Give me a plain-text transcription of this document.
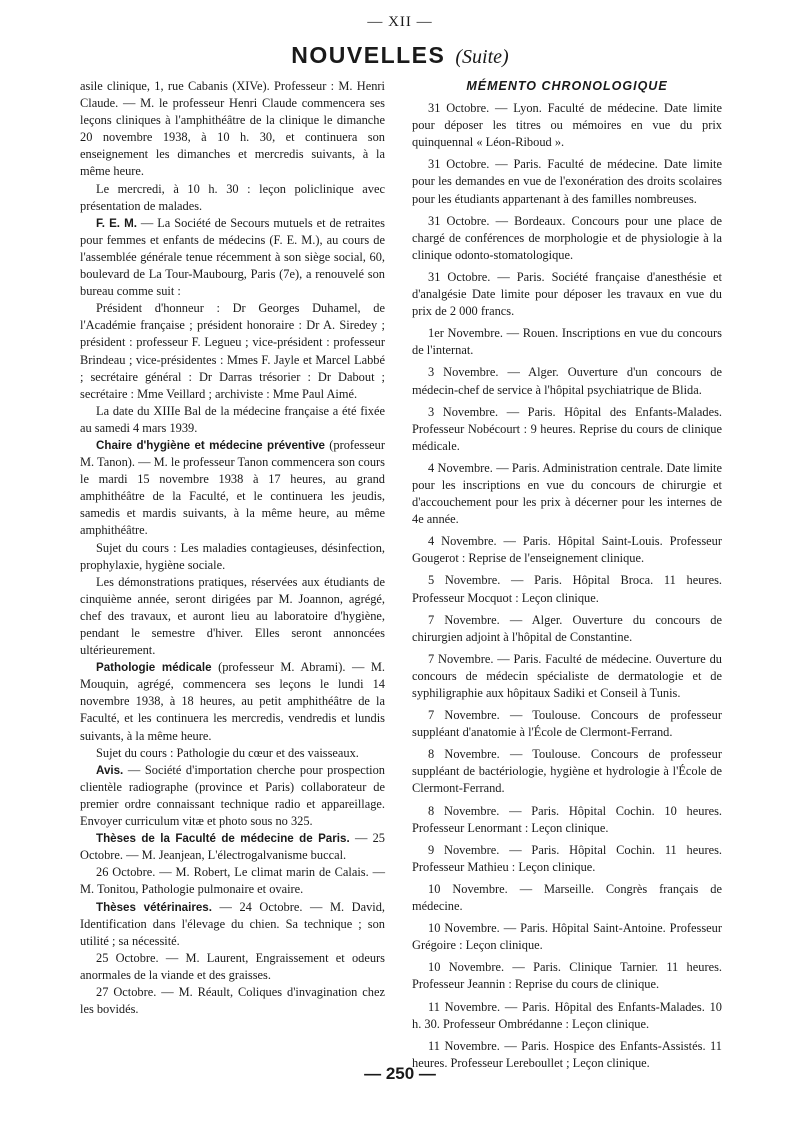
— XII —
NOUVELLES (Suite)

asile clinique, 1, rue Cabanis (XIVe). Professeur : M. Henri Claude. — M. le professeur Henri Claude commencera ses leçons cliniques à l'amphithéâtre de la clinique le dimanche 20 novembre 1938, à 10 h. 30, et continuera son enseignement les dimanches et mercredis suivants, à la même heure.

Le mercredi, à 10 h. 30 : leçon policlinique avec présentation de malades.

F. E. M. — La Société de Secours mutuels et de retraites pour femmes et enfants de médecins (F. E. M.), au cours de l'assemblée générale tenue récemment à son siège social, 60, boulevard de La Tour-Maubourg, Paris (7e), a renouvelé son bureau comme suit :

Président d'honneur : Dr Georges Duhamel, de l'Académie française ; président honoraire : Dr A. Siredey ; président : professeur F. Legueu ; vice-président : professeur Brindeau ; vice-présidentes : Mmes F. Jayle et Marcel Labbé ; secrétaire général : Dr Darras trésorier : Dr Dabout ; secrétaire : Mme Veillard ; archiviste : Mme Paul Aimé.

La date du XIIIe Bal de la médecine française a été fixée au samedi 4 mars 1939.

Chaire d'hygiène et médecine préventive (professeur M. Tanon). — M. le professeur Tanon commencera son cours le mardi 15 novembre 1938 à 17 heures, au grand amphithéâtre de la Faculté, et le continuera les jeudis, samedis et mardis suivants, à la même heure, au même amphithéâtre.

Sujet du cours : Les maladies contagieuses, désinfection, prophylaxie, hygiène sociale.

Les démonstrations pratiques, réservées aux étudiants de cinquième année, seront dirigées par M. Joannon, agrégé, chef des travaux, et auront lieu au laboratoire d'hygiène, pendant le semestre d'hiver. Elles seront annoncées ultérieurement.

Pathologie médicale (professeur M. Abrami). — M. Mouquin, agrégé, commencera ses leçons le lundi 14 novembre 1938, à 18 heures, au petit amphithéâtre de la Faculté, et les continuera les mercredis, vendredis et lundis suivants, à la même heure.

Sujet du cours : Pathologie du cœur et des vaisseaux.

Avis. — Société d'importation cherche pour prospection clientèle radiographe (province et Paris) collaborateur de premier ordre connaissant technique radio et appareillage. Envoyer curriculum vitæ et photo sous no 325.

Thèses de la Faculté de médecine de Paris. — 25 Octobre. — M. Jeanjean, L'électrogalvanisme buccal.

26 Octobre. — M. Robert, Le climat marin de Calais. — M. Tonitou, Pathologie pulmonaire et ovaire.

Thèses vétérinaires. — 24 Octobre. — M. David, Identification dans l'élevage du chien. Sa technique ; son utilité ; sa nécessité.

25 Octobre. — M. Laurent, Engraissement et odeurs anormales de la viande et des graisses.

27 Octobre. — M. Réault, Coliques d'invagination chez les bovidés.

MÉMENTO CHRONOLOGIQUE

31 Octobre. — Lyon. Faculté de médecine. Date limite pour déposer les titres ou mémoires en vue du prix quinquennal « Léon-Riboud ».

31 Octobre. — Paris. Faculté de médecine. Date limite pour les demandes en vue de l'exonération des droits scolaires pour les étudiants appartenant à des familles nombreuses.

31 Octobre. — Bordeaux. Concours pour une place de chargé de conférences de morphologie et de physiologie à la clinique odonto-stomatologique.

31 Octobre. — Paris. Société française d'anesthésie et d'analgésie Date limite pour déposer les travaux en vue du prix de 2 000 francs.

1er Novembre. — Rouen. Inscriptions en vue du concours de l'internat.

3 Novembre. — Alger. Ouverture d'un concours de médecin-chef de service à l'hôpital psychiatrique de Blida.

3 Novembre. — Paris. Hôpital des Enfants-Malades. Professeur Nobécourt : 9 heures. Reprise du cours de clinique médicale.

4 Novembre. — Paris. Administration centrale. Date limite pour les inscriptions en vue du concours de chirurgie et d'accouchement pour les prix à décerner pour les internes de 4e année.

4 Novembre. — Paris. Hôpital Saint-Louis. Professeur Gougerot : Reprise de l'enseignement clinique.

5 Novembre. — Paris. Hôpital Broca. 11 heures. Professeur Mocquot : Leçon clinique.

7 Novembre. — Alger. Ouverture du concours de chirurgien adjoint à l'hôpital de Constantine.

7 Novembre. — Paris. Faculté de médecine. Ouverture du concours de médecin spécialiste de dermatologie et de syphiligraphie aux hôpitaux Sadiki et Conseil à Tunis.

7 Novembre. — Toulouse. Concours de professeur suppléant d'anatomie à l'École de Clermont-Ferrand.

8 Novembre. — Toulouse. Concours de professeur suppléant de bactériologie, hygiène et hydrologie à l'École de Clermont-Ferrand.

8 Novembre. — Paris. Hôpital Cochin. 10 heures. Professeur Lenormant : Leçon clinique.

9 Novembre. — Paris. Hôpital Cochin. 11 heures. Professeur Mathieu : Leçon clinique.

10 Novembre. — Marseille. Congrès français de médecine.

10 Novembre. — Paris. Hôpital Saint-Antoine. Professeur Grégoire : Leçon clinique.

10 Novembre. — Paris. Clinique Tarnier. 11 heures. Professeur Jeannin : Reprise du cours de clinique.

11 Novembre. — Paris. Hôpital des Enfants-Malades. 10 h. 30. Professeur Ombrédanne : Leçon clinique.

11 Novembre. — Paris. Hospice des Enfants-Assistés. 11 heures. Professeur Lereboullet ; Leçon clinique.

— 250 —
